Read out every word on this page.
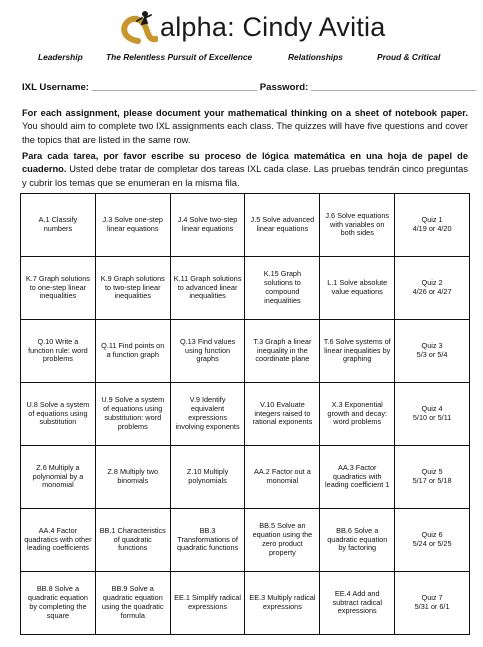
alpha: Cindy Avitia
Leadership	The Relentless Pursuit of Excellence	Relationships	Proud & Critical
IXL Username: _______________________________ Password: _______________________________
For each assignment, please document your mathematical thinking on a sheet of notebook paper. You should aim to complete two IXL assignments each class. The quizzes will have five questions and cover the topics that are listed in the same row.
Para cada tarea, por favor escribe su proceso de lógica matemática en una hoja de papel de cuaderno. Usted debe tratar de completar dos tareas IXL cada clase. Las pruebas tendrán cinco preguntas y cubrir los temas que se enumeran en la misma fila.
A.1 Classify numbers	J.3 Solve one-step linear equations	J.4 Solve two-step linear equations	J.5 Solve advanced linear equations	J.6 Solve equations with variables on both sides	Quiz 1
4/19 or 4/20
K.7 Graph solutions to one-step linear inequalities	K.9 Graph solutions to two-step linear inequalities	K.11 Graph solutions to advanced linear inequalities	K.15 Graph solutions to compound inequalities	L.1 Solve absolute value equations	Quiz 2
4/26 or 4/27
Q.10 Write a function rule: word problems	Q.11 Find points on a function graph	Q.13 Find values using function graphs	T.3 Graph a linear inequality in the coordinate plane	T.6 Solve systems of linear inequalities by graphing	Quiz 3
5/3 or 5/4
U.8 Solve a system of equations using substitution	U.9 Solve a system of equations using substitution: word problems	V.9 Identify equivalent expressions involving exponents	V.10 Evaluate integers raised to rational exponents	X.3 Exponential growth and decay: word problems	Quiz 4
5/10 or 5/11
Z.6 Multiply a polynomial by a monomial	Z.8 Multiply two binomials	Z.10 Multiply polynomials	AA.2 Factor out a monomial	AA.3 Factor quadratics with leading coefficient 1	Quiz 5
5/17 or 5/18
AA.4 Factor quadratics with other leading coefficients	BB.1 Characteristics of quadratic functions	BB.3 Transformations of quadratic functions	BB.5 Solve an equation using the zero product property	BB.6 Solve a quadratic equation by factoring	Quiz 6
5/24 or 5/25
BB.8 Solve a quadratic equation by completing the square	BB.9 Solve a quadratic equation using the quadratic formula	EE.1 Simplify radical expressions	EE.3 Multiply radical expressions	EE.4 Add and subtract radical expressions	Quiz 7
5/31 or 6/1
